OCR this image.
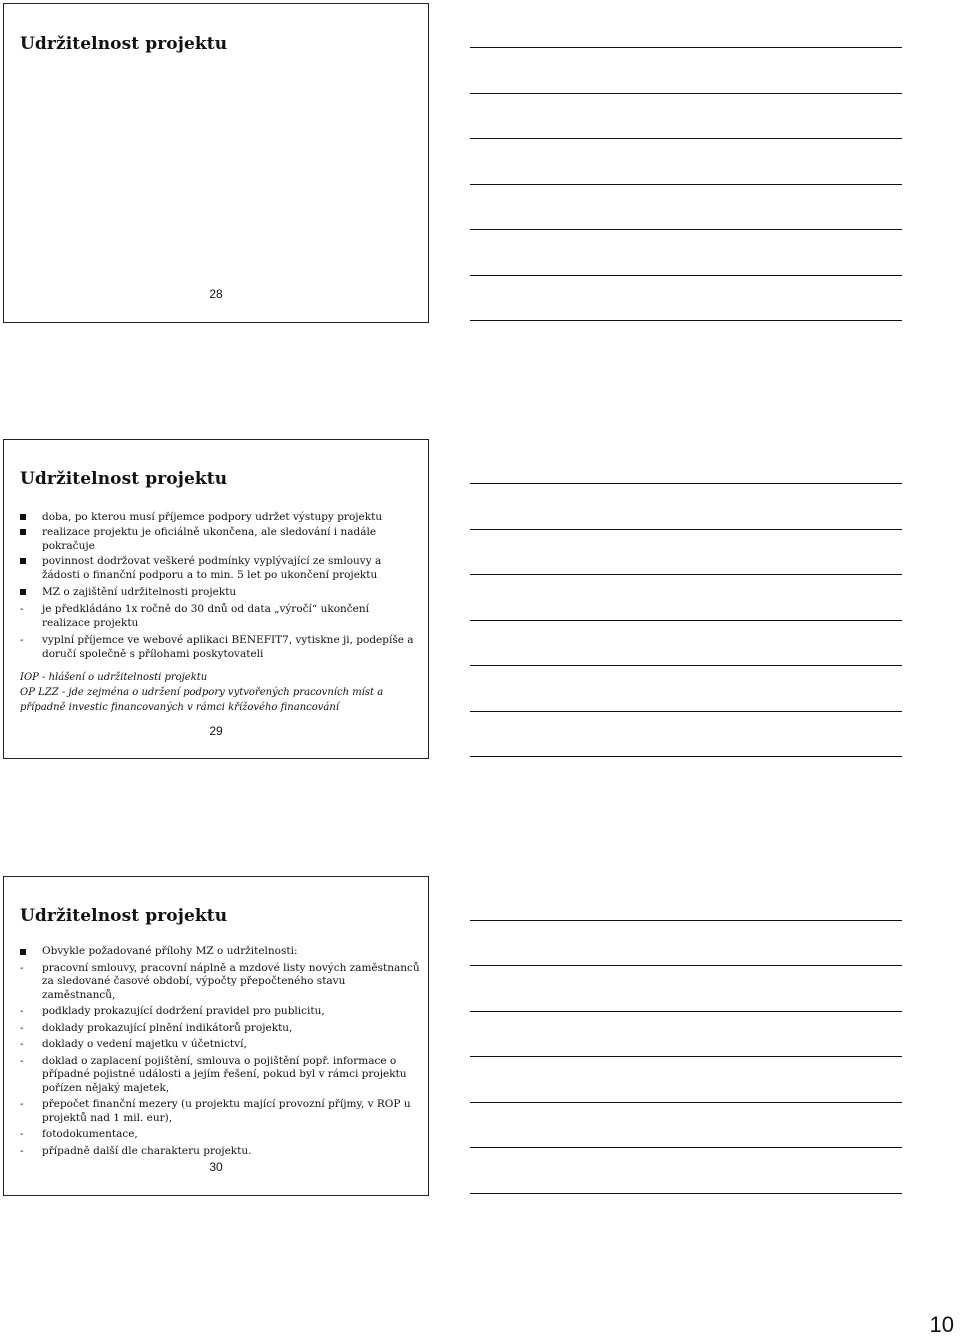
Udržitelnost projektu
28
Udržitelnost projektu
doba, po kterou musí příjemce podpory udržet výstupy projektu
realizace projektu je oficiálně ukončena, ale sledování i nadále pokračuje
povinnost dodržovat veškeré podmínky vyplývající ze smlouvy a žádosti o finanční podporu a to min. 5 let po ukončení projektu
MZ o zajištění udržitelnosti projektu
- je předkládáno 1x ročně do 30 dnů od data „výročí“ ukončení realizace projektu
- vyplní příjemce ve webové aplikaci BENEFIT7, vytiskne ji, podepíše a doručí společně s přílohami poskytovateli

IOP - hlášení o udržitelnosti projektu

OP LZZ - jde zejména o udržení podpory vytvořených pracovních míst a případně investic financovaných v rámci křížového financování

29
Udržitelnost projektu
Obvykle požadované přílohy MZ o udržitelnosti:
- pracovní smlouvy, pracovní náplně a mzdové listy nových zaměstnanců za sledované časové období, výpočty přepočteného stavu zaměstnanců,
- podklady prokazující dodržení pravidel pro publicitu,
- doklady prokazující plnění indikátorů projektu,
- doklady o vedení majetku v účetnictví,
- doklad o zaplacení pojištění, smlouva o pojištění popř. informace o případné pojistné události a jejím řešení, pokud byl v rámci projektu pořízen nějaký majetek,
- přepočet finanční mezery (u projektu mající provozní příjmy, v ROP u projektů nad 1 mil. eur),
- fotodokumentace,
- případně další dle charakteru projektu.
30
10
